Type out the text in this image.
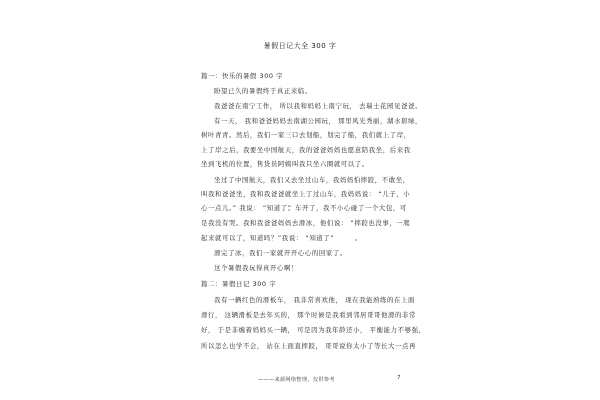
暑假日记大全 300 字
篇一：快乐的暑假 300 字
盼望已久的暑假终于真正来临。
我爸爸在南宁工作， 所以我和妈妈上南宁玩， 去瑞士花园见爸爸。
有一天， 我和爸爸妈妈去南湖公园玩， 那里风光秀丽，湖水碧绿，
树叶青青。然后，我们一家三口去划船，划完了船，我们就上了岸，
上了岸之后，我要坐中国航天，我的爸爸妈妈也愿意陪我坐，后来我
坐到飞机的位置，售货员阿姨叫我只坐六圈就可以了。
坐过了中国航天，我们又去坐过山车，我妈妈怕摔跤，不敢坐，
叫我和爸爸坐，我和我爸爸就坐上了过山车，我妈妈说： “儿子，小
心一点儿。” 我说： “知道了”
。车开了，我不小心碰了一个大包，可
是我没有哭。我和我爸爸妈妈去滑冰，他们说： “摔跤也没事，一爬
起来就可以了，知道吗？”我说： “知道了”	。
滑完了冰，我们一家就开开心心的回家了。
这个暑假我玩得真开心啊！
篇二：暑假日记 300 字
我有一辆红色的滑板车， 我非常喜欢他， 现在我能熟练的在上面
滑行， 这辆滑板是去年买的， 那个时候是我看到邻居哥哥他滑的非常
好， 于是非缠着妈妈买一辆， 可是因为我年龄还小， 平衡能力不够强，
所以怎么也学不会， 站在上面直摔跤， 哥哥说你太小了等长大一点再
———来源网络整理，仅供参考	7
